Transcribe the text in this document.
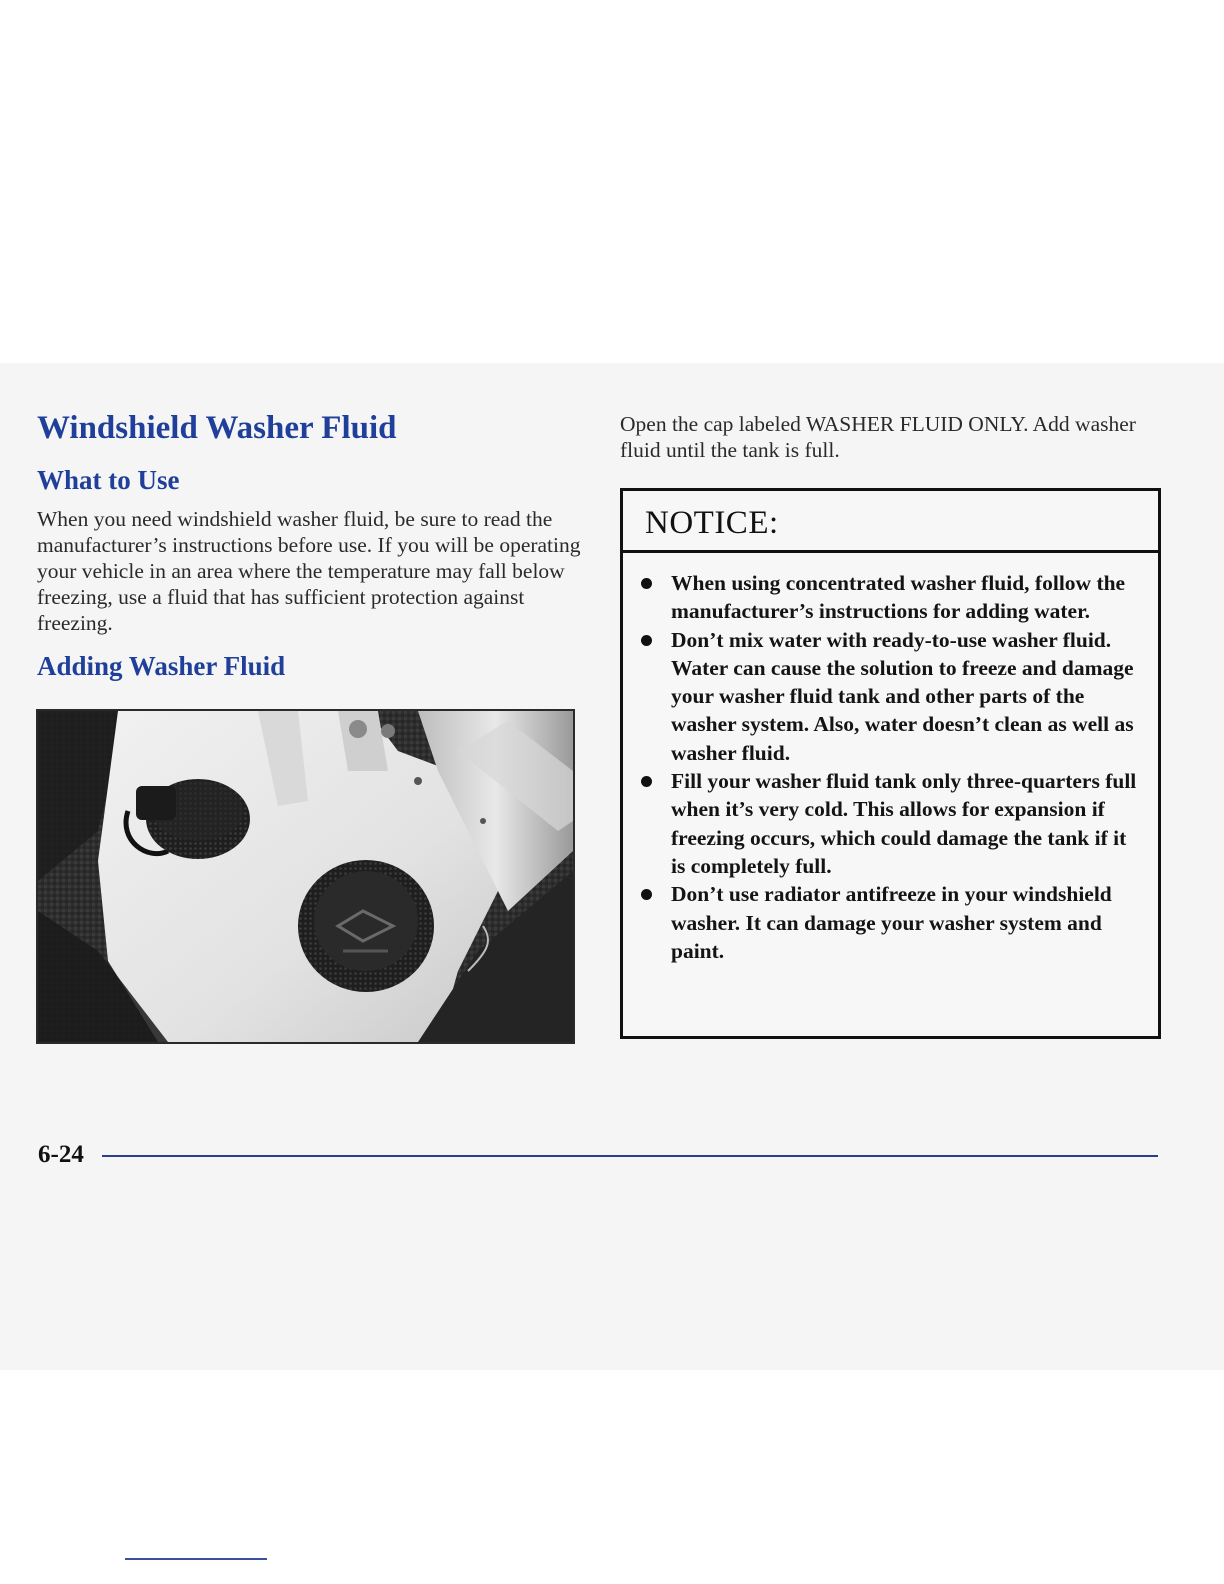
Windshield Washer Fluid
What to Use

When you need windshield washer fluid, be sure to read the manufacturer’s instructions before use. If you will be operating your vehicle in an area where the temperature may fall below freezing, use a fluid that has sufficient protection against freezing.

Adding Washer Fluid

Open the cap labeled WASHER FLUID ONLY. Add washer fluid until the tank is full.

NOTICE:
When using concentrated washer fluid, follow the manufacturer’s instructions for adding water.
Don’t mix water with ready-to-use washer fluid. Water can cause the solution to freeze and damage your washer fluid tank and other parts of the washer system. Also, water doesn’t clean as well as washer fluid.
Fill your washer fluid tank only three-quarters full when it’s very cold. This allows for expansion if freezing occurs, which could damage the tank if it is completely full.
Don’t use radiator antifreeze in your windshield washer. It can damage your washer system and paint.
6-24
